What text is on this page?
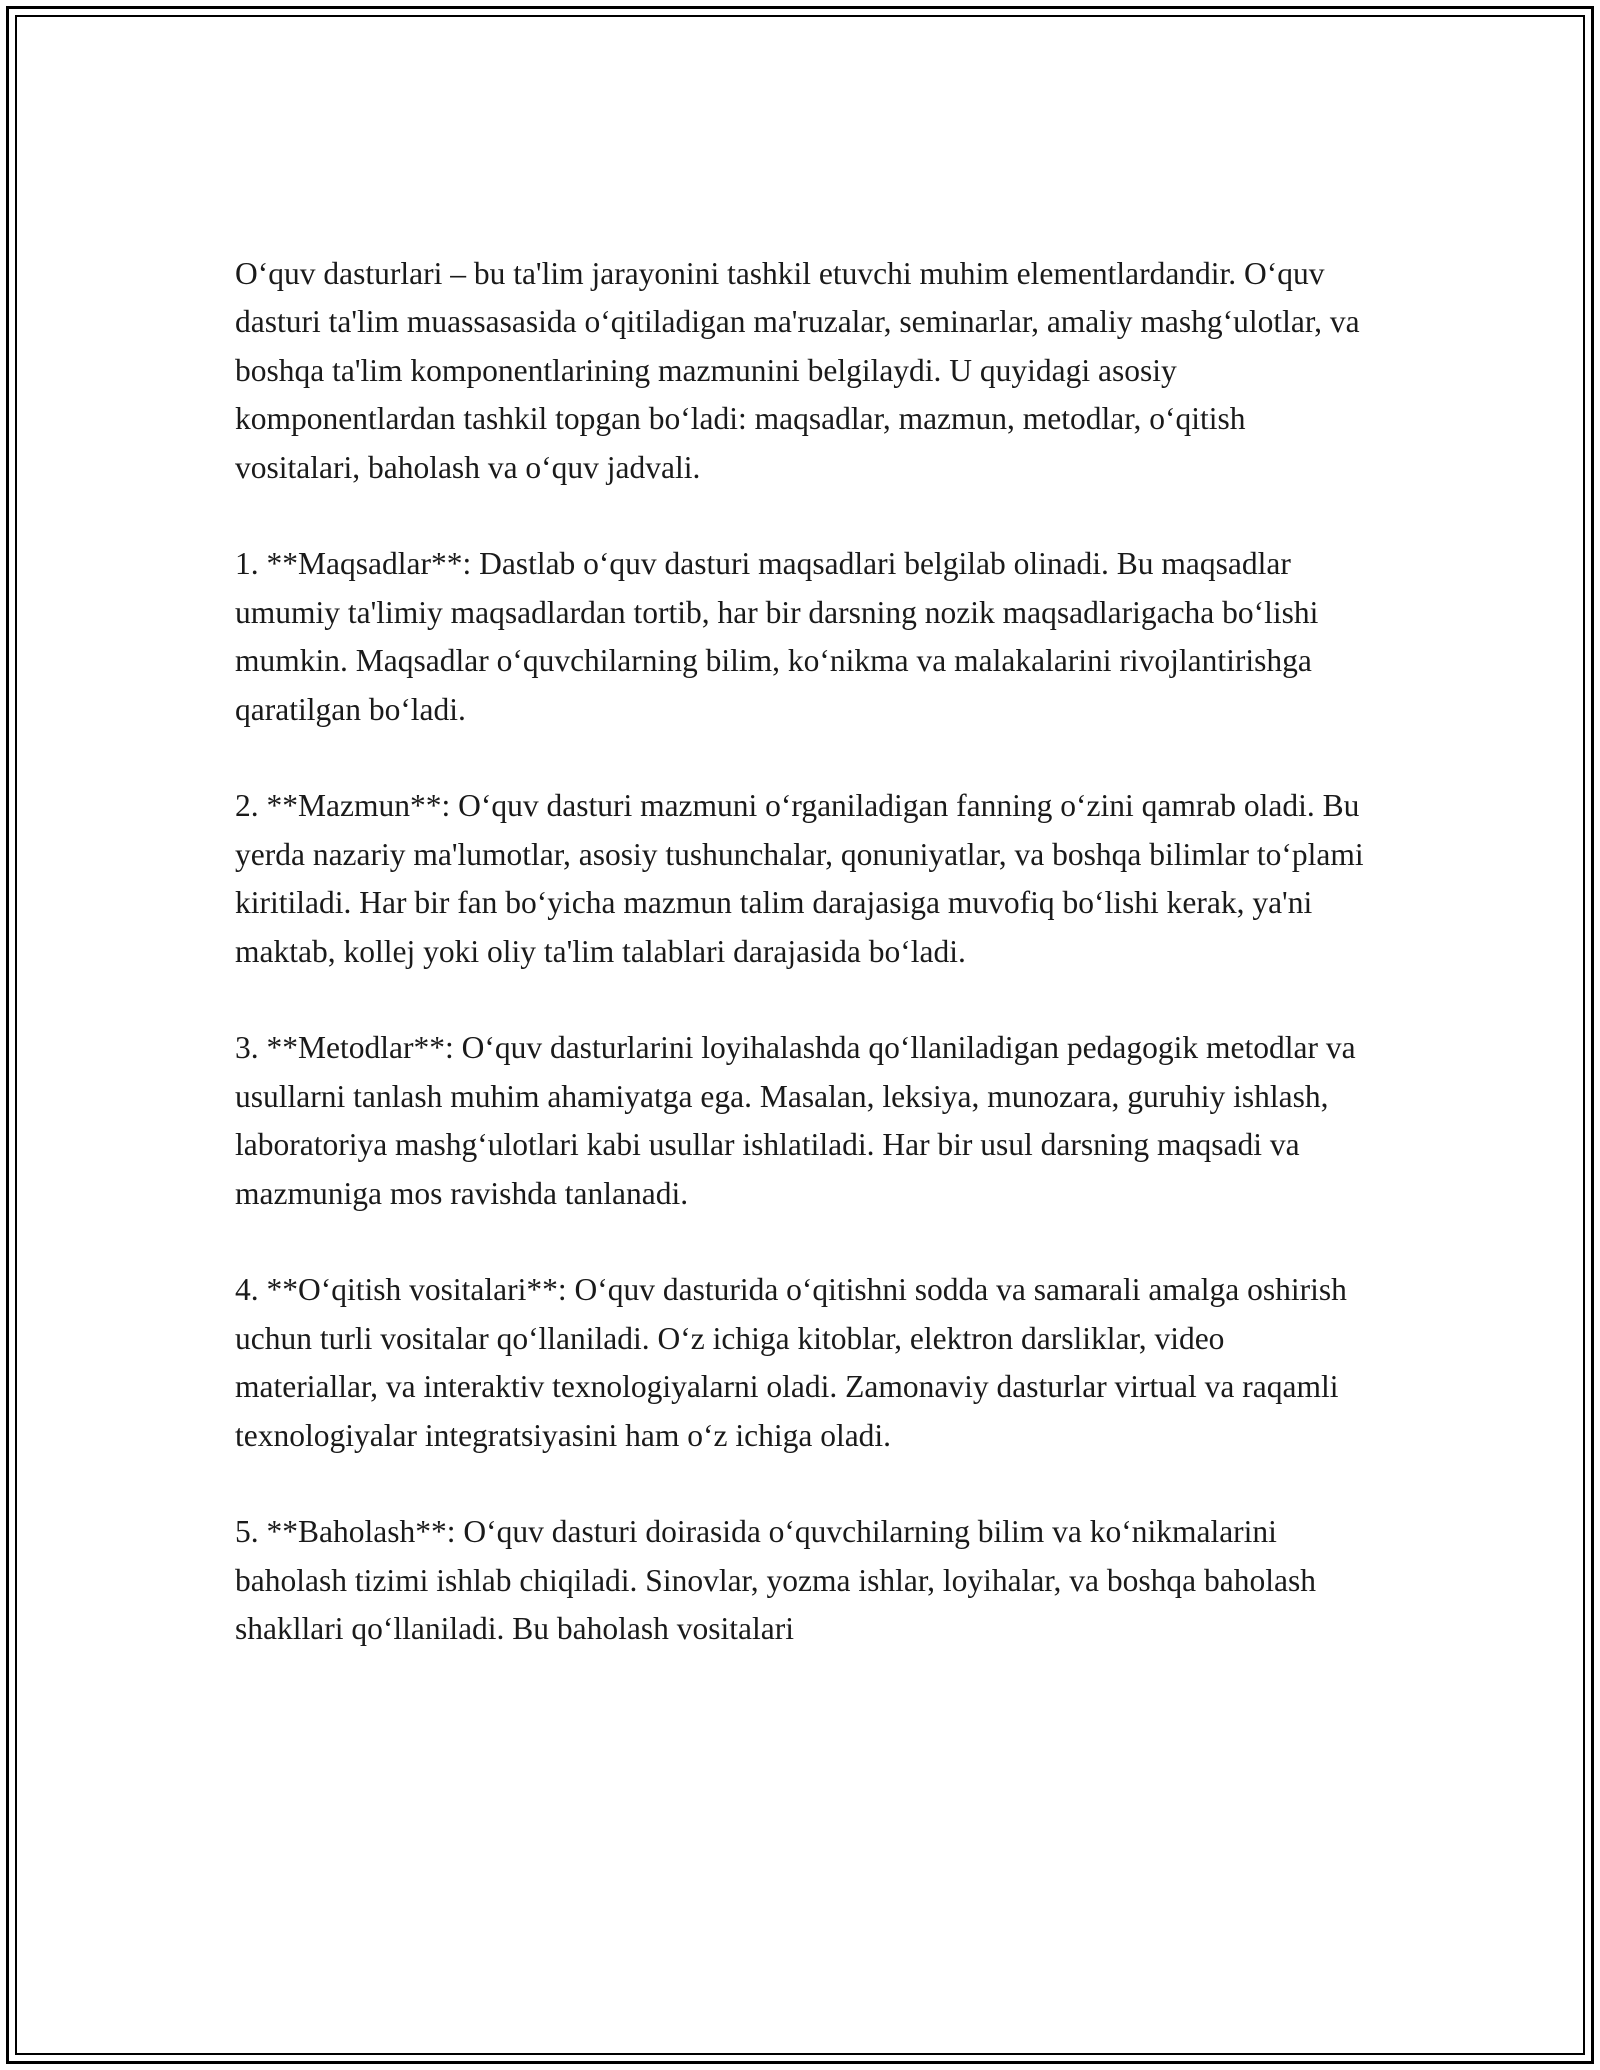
O‘quv dasturlari – bu ta'lim jarayonini tashkil etuvchi muhim elementlardandir. O‘quv dasturi ta'lim muassasasida o‘qitiladigan ma'ruzalar, seminarlar, amaliy mashg‘ulotlar, va boshqa ta'lim komponentlarining mazmunini belgilaydi. U quyidagi asosiy komponentlardan tashkil topgan bo‘ladi: maqsadlar, mazmun, metodlar, o‘qitish vositalari, baholash va o‘quv jadvali.

1. **Maqsadlar**: Dastlab o‘quv dasturi maqsadlari belgilab olinadi. Bu maqsadlar umumiy ta'limiy maqsadlardan tortib, har bir darsning nozik maqsadlarigacha bo‘lishi mumkin. Maqsadlar o‘quvchilarning bilim, ko‘nikma va malakalarini rivojlantirishga qaratilgan bo‘ladi.

2. **Mazmun**: O‘quv dasturi mazmuni o‘rganiladigan fanning o‘zini qamrab oladi. Bu yerda nazariy ma'lumotlar, asosiy tushunchalar, qonuniyatlar, va boshqa bilimlar to‘plami kiritiladi. Har bir fan bo‘yicha mazmun talim darajasiga muvofiq bo‘lishi kerak, ya'ni maktab, kollej yoki oliy ta'lim talablari darajasida bo‘ladi.

3. **Metodlar**: O‘quv dasturlarini loyihalashda qo‘llaniladigan pedagogik metodlar va usullarni tanlash muhim ahamiyatga ega. Masalan, leksiya, munozara, guruhiy ishlash, laboratoriya mashg‘ulotlari kabi usullar ishlatiladi. Har bir usul darsning maqsadi va mazmuniga mos ravishda tanlanadi.

4. **O‘qitish vositalari**: O‘quv dasturida o‘qitishni sodda va samarali amalga oshirish uchun turli vositalar qo‘llaniladi. O‘z ichiga kitoblar, elektron darsliklar, video materiallar, va interaktiv texnologiyalarni oladi. Zamonaviy dasturlar virtual va raqamli texnologiyalar integratsiyasini ham o‘z ichiga oladi.

5. **Baholash**: O‘quv dasturi doirasida o‘quvchilarning bilim va ko‘nikmalarini baholash tizimi ishlab chiqiladi. Sinovlar, yozma ishlar, loyihalar, va boshqa baholash shakllari qo‘llaniladi. Bu baholash vositalari
